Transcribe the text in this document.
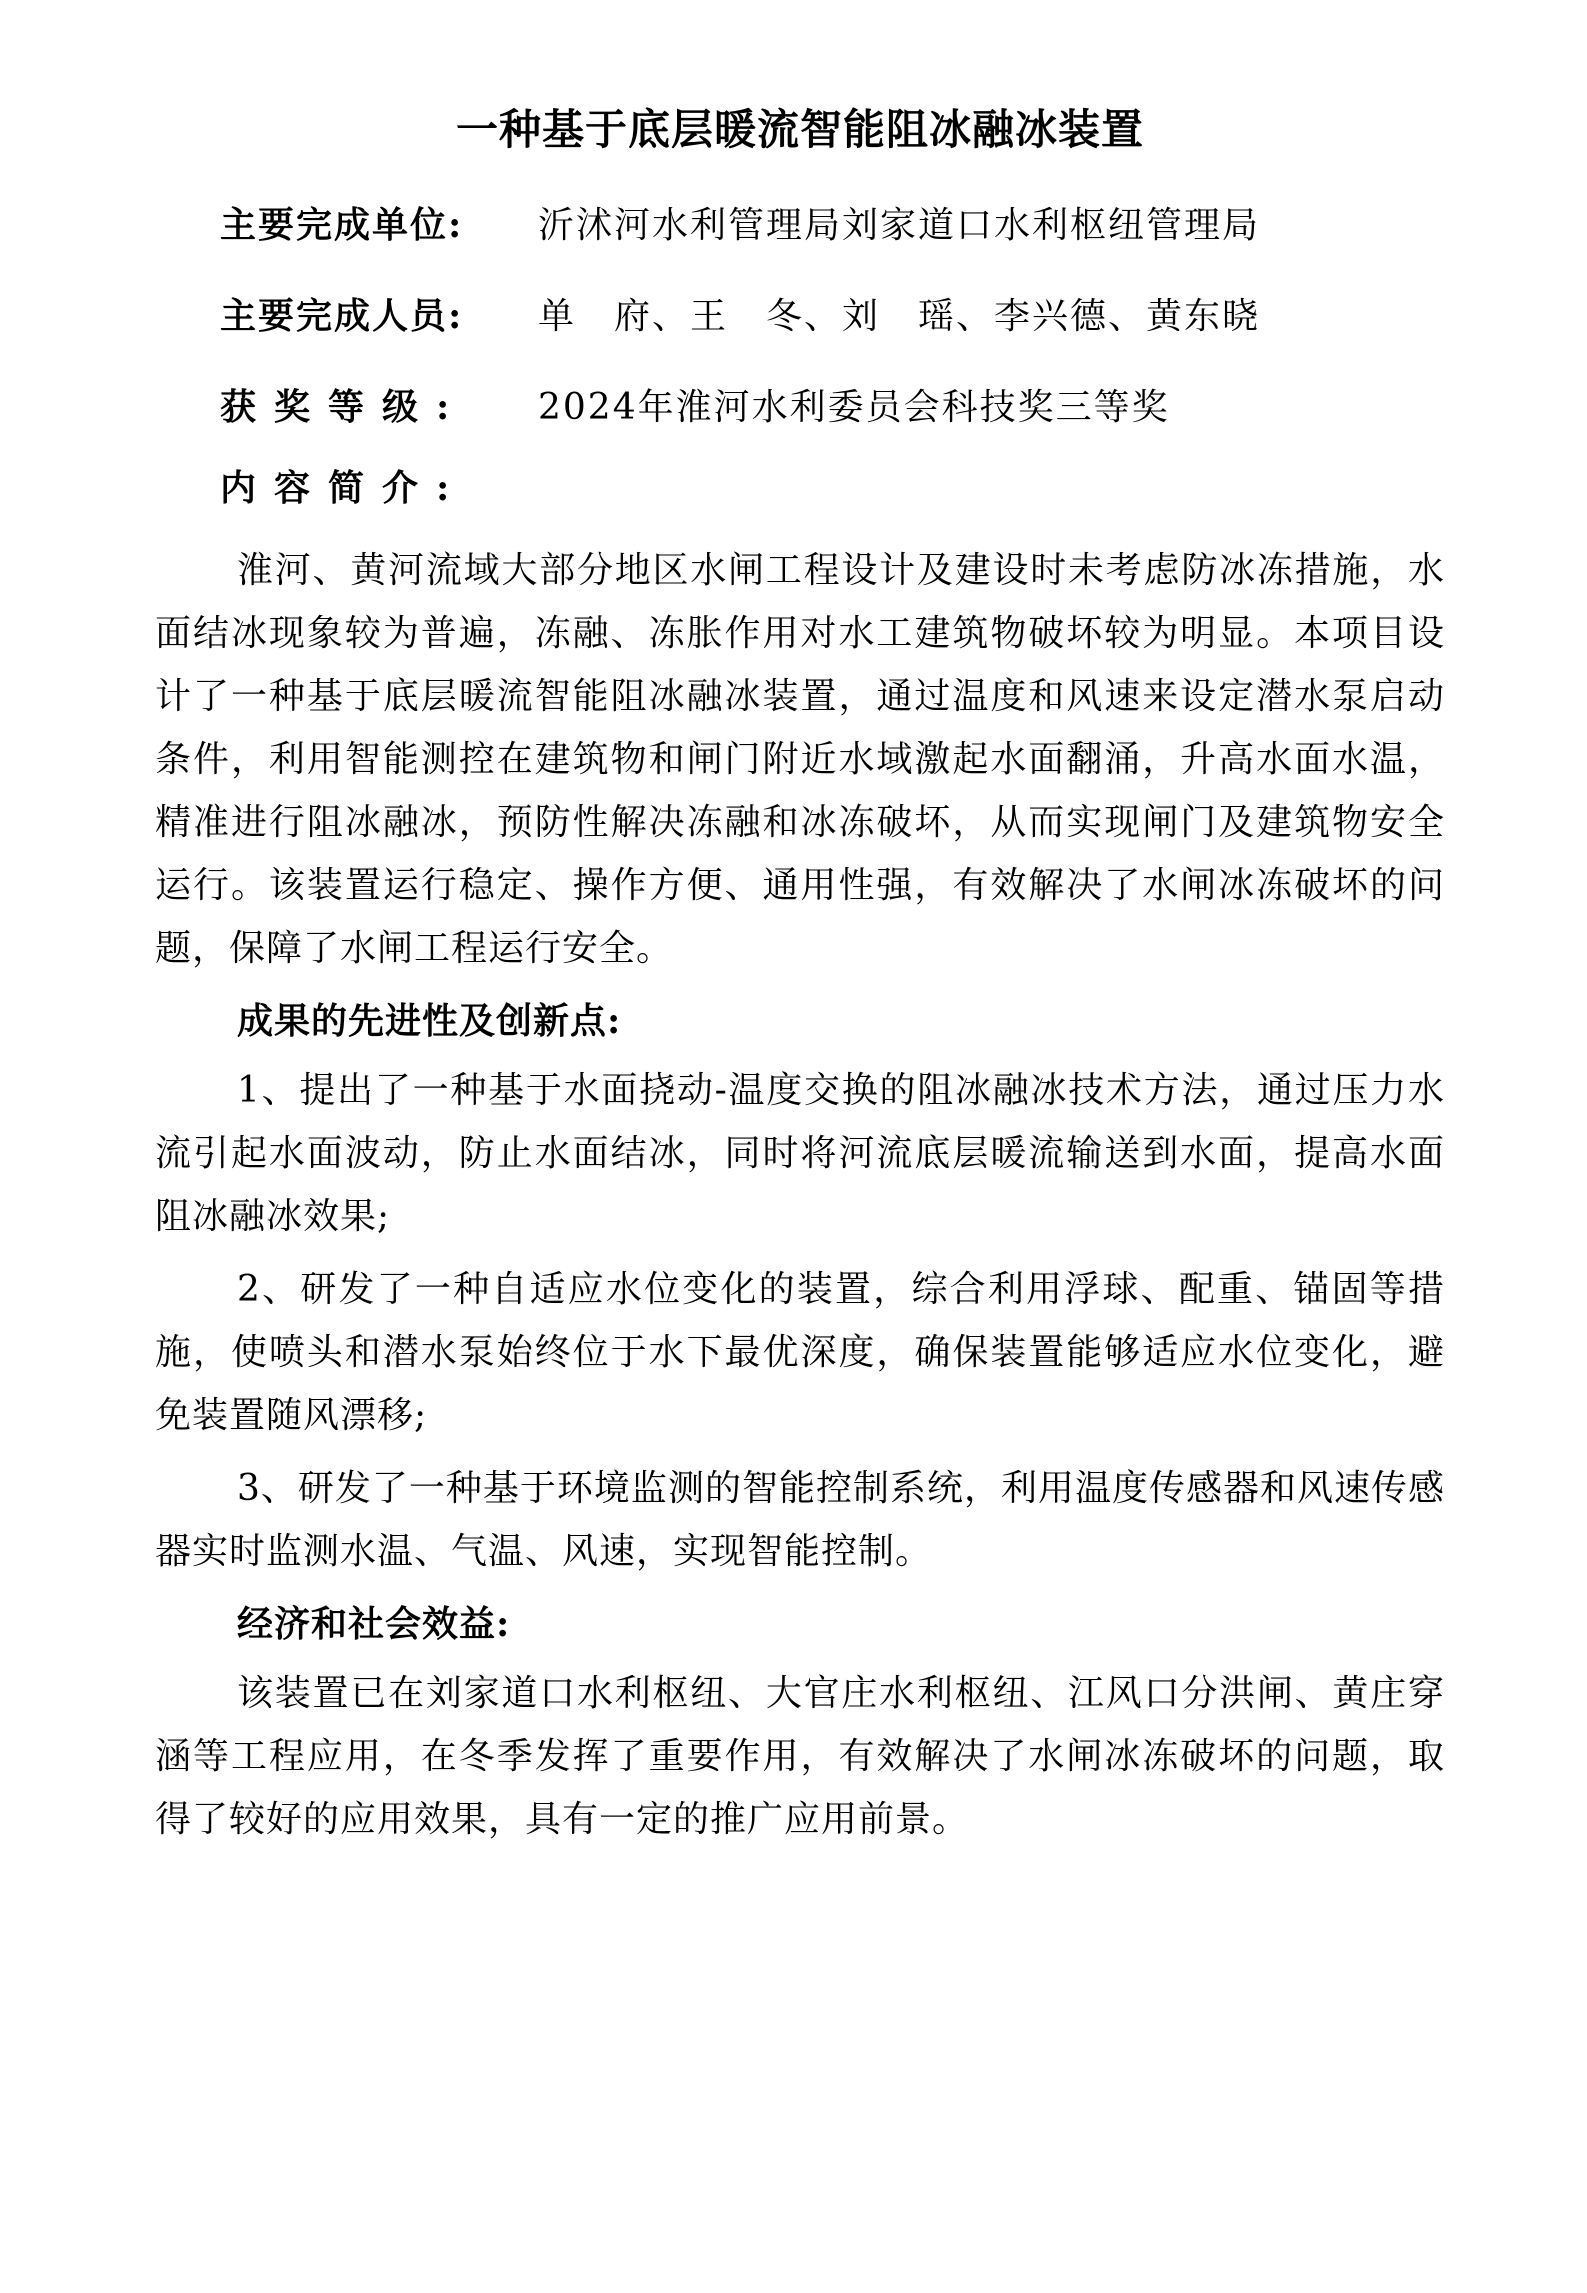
一种基于底层暖流智能阻冰融冰装置
主要完成单位:	沂沭河水利管理局刘家道口水利枢纽管理局
主要完成人员:	单　府、王　冬、刘　瑶、李兴德、黄东晓
获奖等级:	2024年淮河水利委员会科技奖三等奖
内容简介:

淮河、黄河流域大部分地区水闸工程设计及建设时未考虑防冰冻措施，水面结冰现象较为普遍，冻融、冻胀作用对水工建筑物破坏较为明显。本项目设计了一种基于底层暖流智能阻冰融冰装置，通过温度和风速来设定潜水泵启动条件，利用智能测控在建筑物和闸门附近水域激起水面翻涌，升高水面水温，精准进行阻冰融冰，预防性解决冻融和冰冻破坏，从而实现闸门及建筑物安全运行。该装置运行稳定、操作方便、通用性强，有效解决了水闸冰冻破坏的问题，保障了水闸工程运行安全。

成果的先进性及创新点:

1、提出了一种基于水面挠动-温度交换的阻冰融冰技术方法，通过压力水流引起水面波动，防止水面结冰，同时将河流底层暖流输送到水面，提高水面阻冰融冰效果;

2、研发了一种自适应水位变化的装置，综合利用浮球、配重、锚固等措施，使喷头和潜水泵始终位于水下最优深度，确保装置能够适应水位变化，避免装置随风漂移;

3、研发了一种基于环境监测的智能控制系统，利用温度传感器和风速传感器实时监测水温、气温、风速，实现智能控制。

经济和社会效益:

该装置已在刘家道口水利枢纽、大官庄水利枢纽、江风口分洪闸、黄庄穿涵等工程应用，在冬季发挥了重要作用，有效解决了水闸冰冻破坏的问题，取得了较好的应用效果，具有一定的推广应用前景。
